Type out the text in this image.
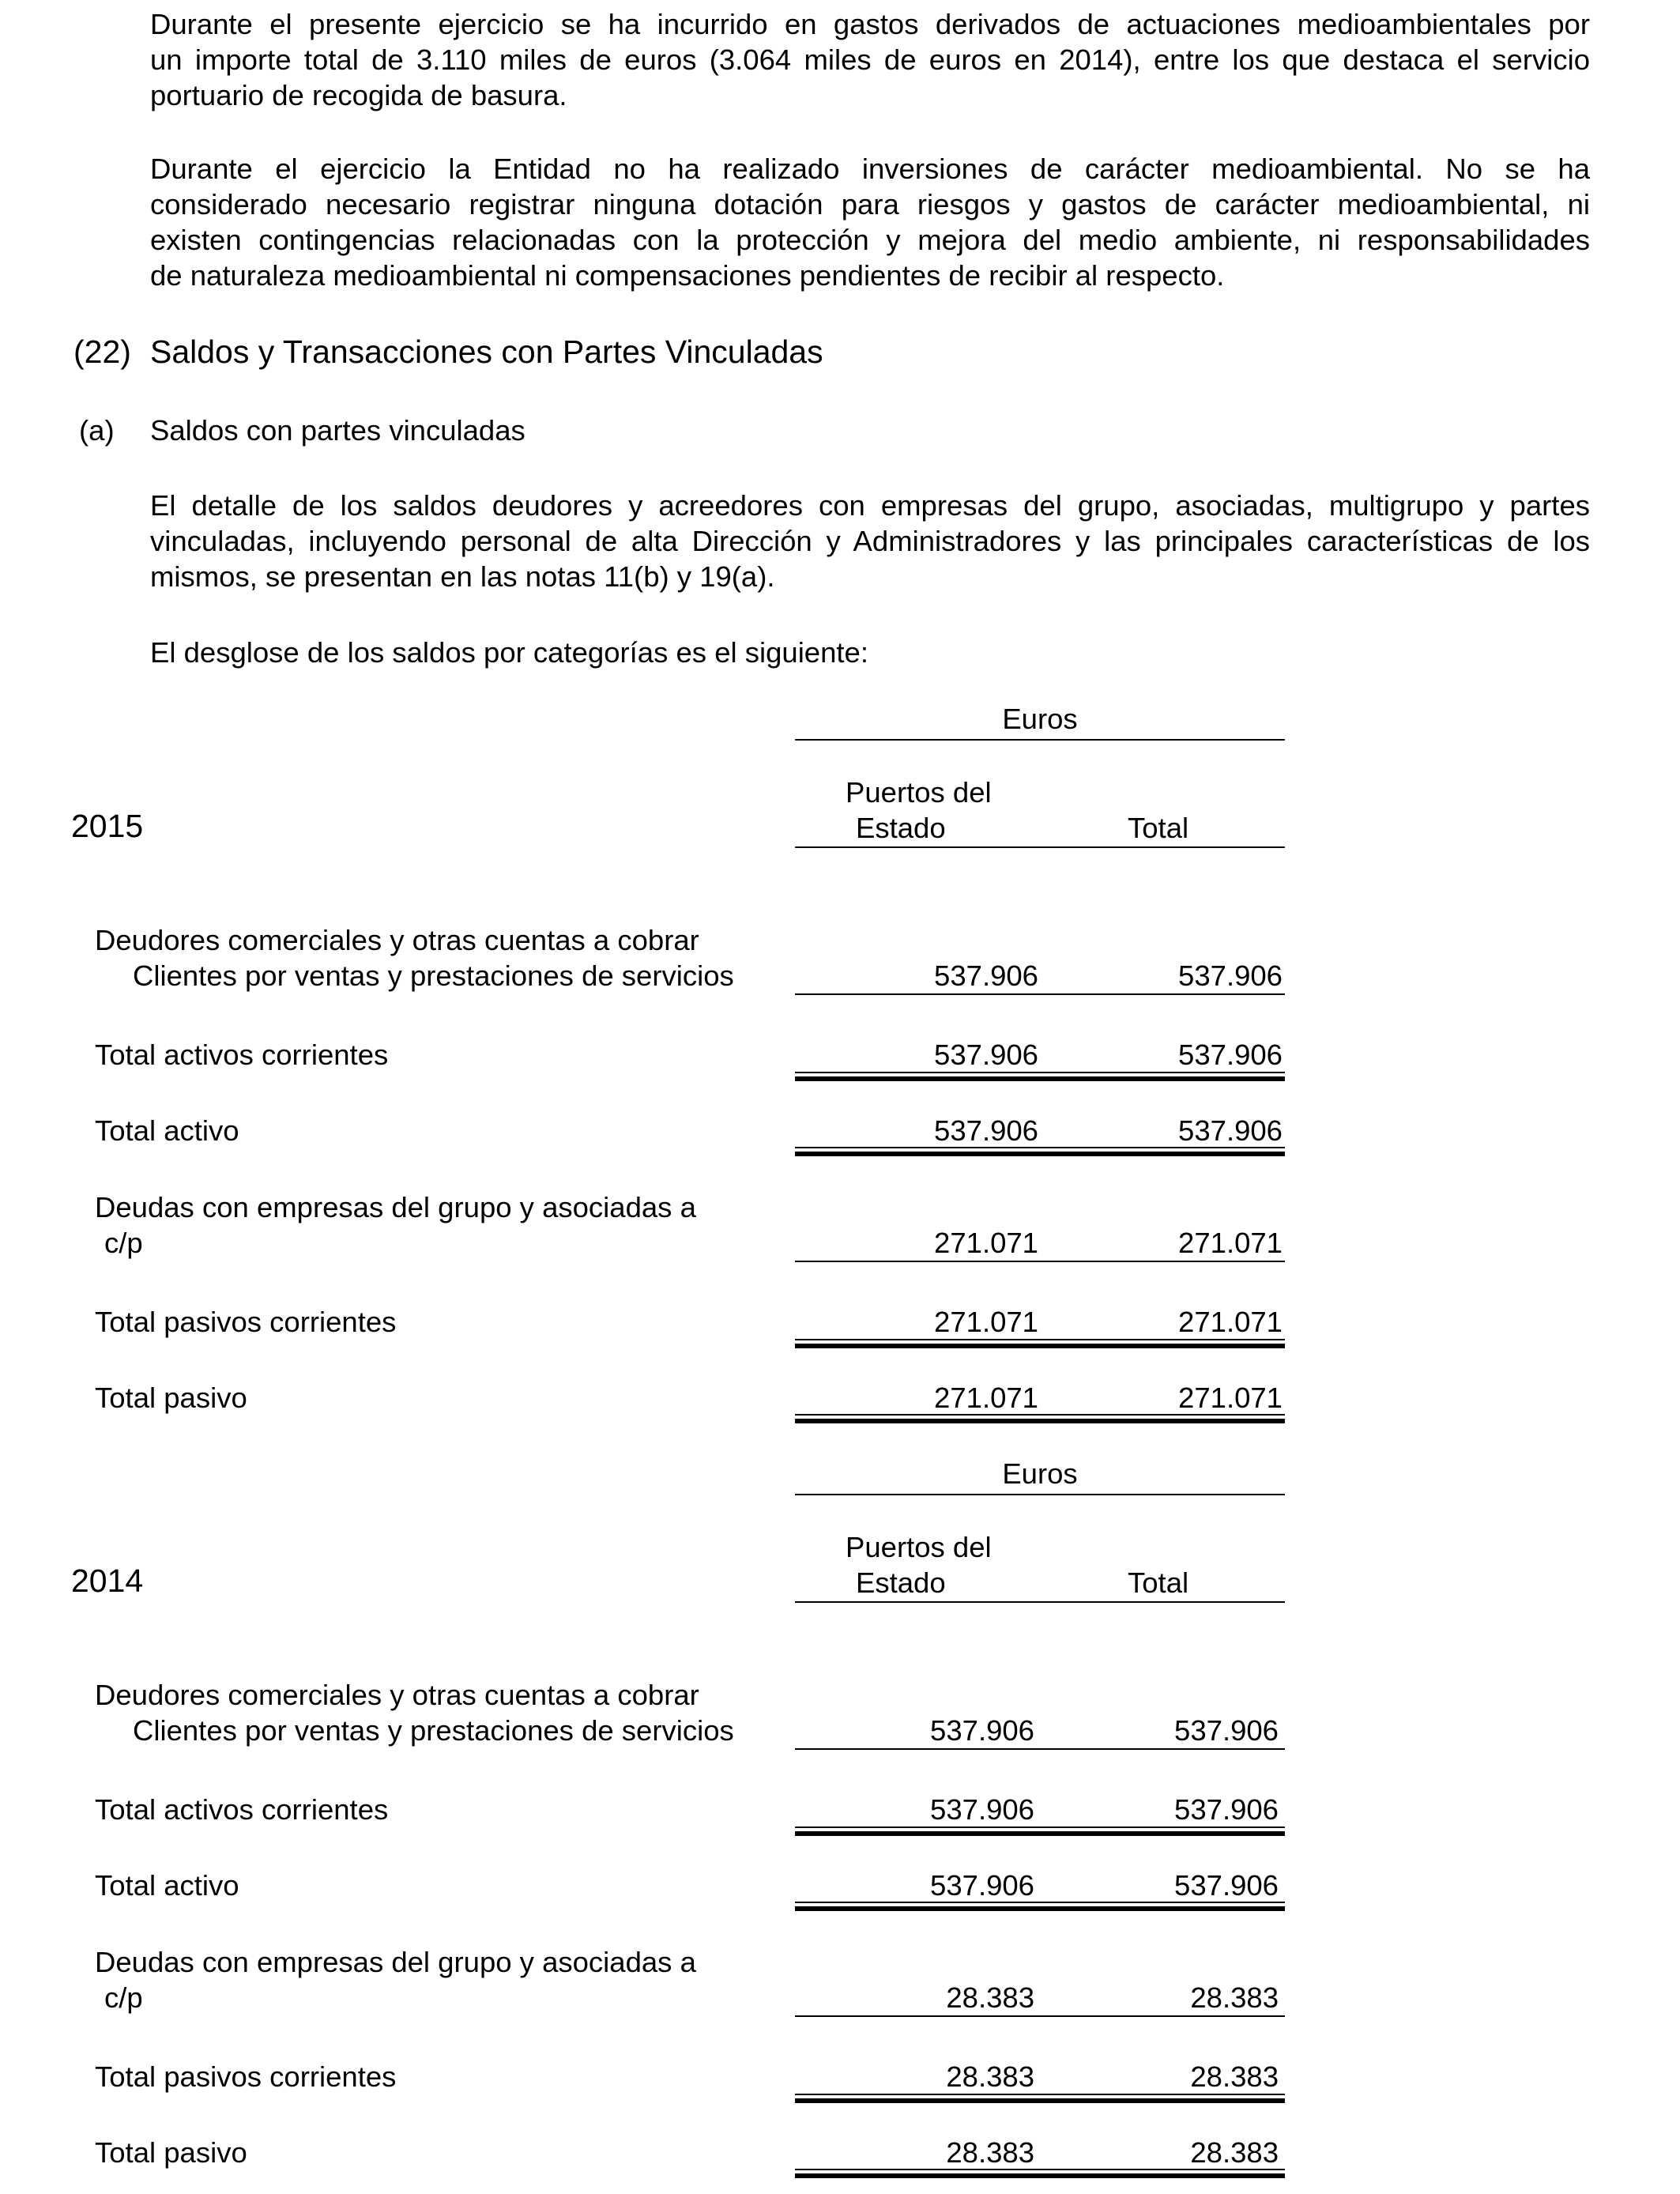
Durante el presente ejercicio se ha incurrido en gastos derivados de actuaciones medioambientales por
un importe total de 3.110 miles de euros (3.064 miles de euros en 2014), entre los que destaca el servicio
portuario de recogida de basura.
Durante el ejercicio la Entidad no ha realizado inversiones de carácter medioambiental. No se ha
considerado necesario registrar ninguna dotación para riesgos y gastos de carácter medioambiental, ni
existen contingencias relacionadas con la protección y mejora del medio ambiente, ni responsabilidades
de naturaleza medioambiental ni compensaciones pendientes de recibir al respecto.
(22) Saldos y Transacciones con Partes Vinculadas
(a) Saldos con partes vinculadas
El detalle de los saldos deudores y acreedores con empresas del grupo, asociadas, multigrupo y partes
vinculadas, incluyendo personal de alta Dirección y Administradores y las principales características de los
mismos, se presentan en las notas 11(b) y 19(a).
El desglose de los saldos por categorías es el siguiente:
Euros
Puertos del
Estado	Total
2015
Deudores comerciales y otras cuentas a cobrar
Clientes por ventas y prestaciones de servicios	537.906	537.906
Total activos corrientes	537.906	537.906
Total activo	537.906	537.906
Deudas con empresas del grupo y asociadas a
c/p	271.071	271.071
Total pasivos corrientes	271.071	271.071
Total pasivo	271.071	271.071
Euros
Puertos del
Estado	Total
2014
Deudores comerciales y otras cuentas a cobrar
Clientes por ventas y prestaciones de servicios	537.906	537.906
Total activos corrientes	537.906	537.906
Total activo	537.906	537.906
Deudas con empresas del grupo y asociadas a
c/p	28.383	28.383
Total pasivos corrientes	28.383	28.383
Total pasivo	28.383	28.383
